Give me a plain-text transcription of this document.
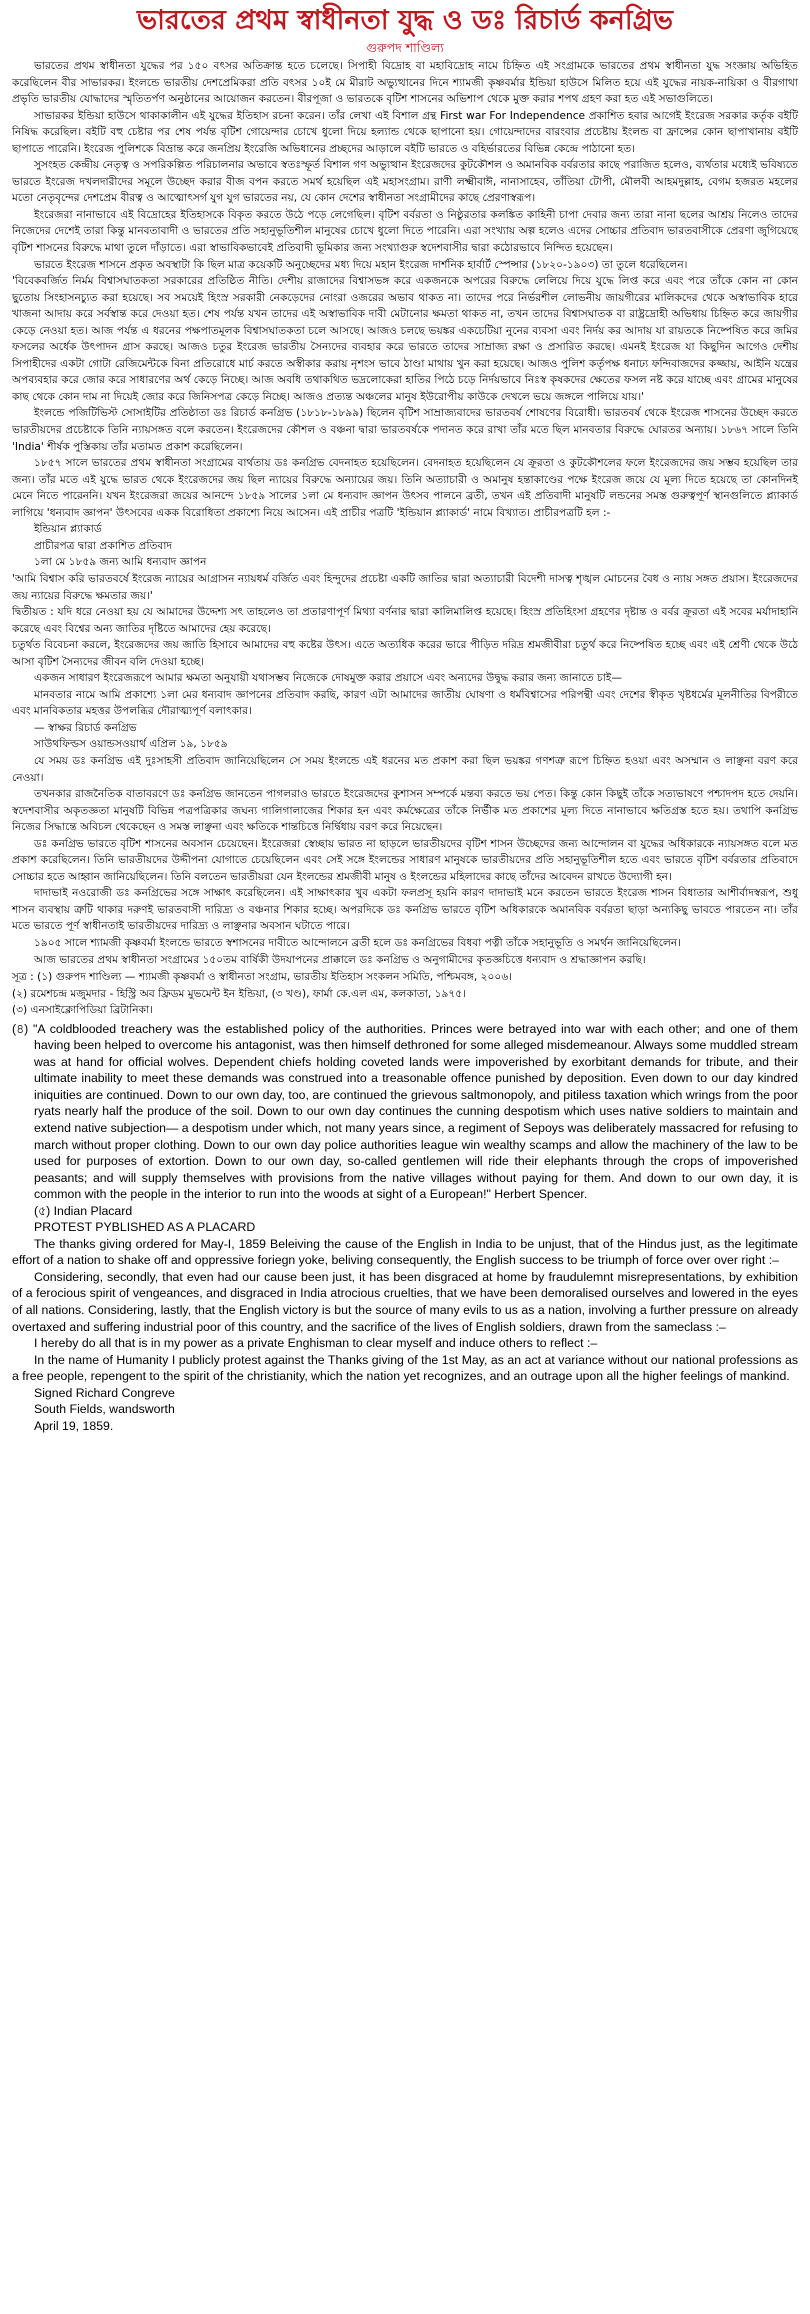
ভারতের প্রথম স্বাধীনতা যুদ্ধ ও ডঃ রিচার্ড কনগ্রিভ
গুরুপদ শাণ্ডিল্য

ভারতের প্রথম স্বাধীনতা যুদ্ধের পর ১৫০ বৎসর অতিক্রান্ত হতে চলেছে। সিপাহী বিদ্রোহ বা মহাবিদ্রোহ নামে চিহ্নিত এই সংগ্রামকে ভারতের প্রথম স্বাধীনতা যুদ্ধ সংজ্ঞায় অভিহিত করেছিলেন বীর সাভারকর। ইংলন্ডে ভারতীয় দেশপ্রেমিকরা প্রতি বৎসর ১০ই মে মীরাট অভ্যুত্থানের দিনে শ্যামজী কৃষ্ণবর্মার ইন্ডিয়া হাউসে মিলিত হয়ে এই যুদ্ধের নায়ক-নায়িকা ও বীরগাথা প্রভৃতি ভারতীয় যোদ্ধাদের স্মৃতিতর্পণ অনুষ্ঠানের আয়োজন করতেন। বীরপূজা ও ভারতকে বৃটিশ শাসনের অভিশাপ থেকে মুক্ত করার শপথ গ্রহণ করা হত এই সভাগুলিতে।

সাভারকর ইন্ডিয়া হাউসে থাকাকালীন এই যুদ্ধের ইতিহাস রচনা করেন। তাঁর লেখা এই বিশাল গ্রন্থ First war For Independence প্রকাশিত হবার আগেই ইংরেজ সরকার কর্তৃক বইটি নিষিদ্ধ করেছিল। বইটি বহু চেষ্টার পর শেষ পর্যন্ত বৃটিশ গোয়েন্দার চোখে ধুলো দিয়ে হল্যান্ড থেকে ছাপানো হয়। গোয়েন্দাদের বারংবার প্রচেষ্টায় ইংলন্ড বা ফ্রান্সের কোন ছাপাখানায় বইটি ছাপাতে পারেনি। ইংরেজ পুলিশকে বিভ্রান্ত করে জনপ্রিয় ইংরেজি অভিধানের প্রচ্ছদের আড়ালে বইটি ভারতে ও বহির্ভারতের বিভিন্ন কেন্দ্রে পাঠানো হত।

সুসংহত কেন্দ্রীয় নেতৃত্ব ও সপরিকল্পিত পরিচালনার অভাবে স্বতঃস্ফূর্ত বিশাল গণ অভ্যুত্থান ইংরেজদের কুটকৌশল ও অমানবিক বর্বরতার কাছে পরাজিত হলেও, ব্যর্থতার মধ্যেই ভবিষ্যতে ভারতে ইংরেজ দখলদারীদের সমূলে উচ্ছেদ করার বীজ বপন করতে সমর্থ হয়েছিল এই মহাসংগ্রাম। রাণী লক্ষ্মীবাঈ, নানাসাহেব, তাঁতিয়া টোপী, মৌলবী আহমদুল্লাহ, বেগম হজরত মহলের মতো নেতৃবৃন্দের দেশপ্রেম বীরত্ব ও আত্মোৎসর্গ যুগ যুগ ভারতের নয়, যে কোন দেশের স্বাধীনতা সংগ্রামীদের কাছে প্রেরণাস্বরূপ।

ইংরেজরা নানাভাবে এই বিদ্রোহের ইতিহাসকে বিকৃত করতে উঠে পড়ে লেগেছিল। বৃটিশ বর্বরতা ও নিষ্ঠুরতার কলঙ্কিত কাহিনী চাপা দেবার জন্য তারা নানা ছলের আশ্রয় নিলেও তাদের নিজেদের দেশেই তারা কিন্তু মানবতাবাদী ও ভারতের প্রতি সহানুভূতিশীল মানুষের চোখে ধুলো দিতে পারেনি। এরা সংখ্যায় অল্প হলেও এদের সোচ্চার প্রতিবাদ ভারতবাসীকে প্রেরণা জুগিয়েছে বৃটিশ শাসনের বিরুদ্ধে মাথা তুলে দাঁড়াতে। এরা স্বাভাবিকভাবেই প্রতিবাদী ভূমিকার জন্য সংখ্যাগুরু স্বদেশবাসীর দ্বারা কঠোরভাবে নিন্দিত হয়েছেন।

ভারতে ইংরেজ শাসনে প্রকৃত অবস্থাটা কি ছিল মাত্র কয়েকটি অনুচ্ছেদের মধ্য দিয়ে মহান ইংরেজ দার্শনিক হার্বার্ট স্পেন্সার (১৮২০-১৯০৩) তা তুলে ধরেছিলেন।

'বিবেকবর্জিত নির্মম বিশ্বাসঘাতকতা সরকারের প্রতিষ্ঠিত নীতি। দেশীয় রাজাদের বিশ্বাসভঙ্গ করে একজনকে অপরের বিরুদ্ধে লেলিয়ে দিয়ে যুদ্ধে লিপ্ত করে এবং পরে তাঁকে কোন না কোন ছুতোয় সিংহাসনচ্যুত করা হয়েছে। সব সময়েই হিংস্র সরকারী নেকড়েদের নোংরা ওজরের অভাব থাকত না। তাদের পরে নির্ভরশীল লোভনীয় জায়গীরের মালিকদের থেকে অস্বাভাবিক হারে খাজনা আদায় করে সর্বস্বান্ত করে দেওয়া হত। শেষ পর্যন্ত যখন তাদের এই অস্বাভাবিক দাবী মেটানোর ক্ষমতা থাকত না, তখন তাদের বিশ্বাসঘাতক বা রাষ্ট্রদ্রোহী অভিধায় চিহ্নিত করে জায়গীর কেড়ে নেওয়া হত। আজ পর্যন্ত এ ধরনের পক্ষপাতমূলক বিশ্বাসঘাতকতা চলে আসছে। আজও চলছে ভয়ঙ্কর একচেটিয়া নুনের ব্যবসা এবং নির্দয় কর আদায় যা রায়তকে নিষ্পেষিত করে জমির ফসলের অর্ধেক উৎপাদন গ্রাস করছে। আজও চতুর ইংরেজ ভারতীয় সৈন্যদের ব্যবহার করে ভারতে তাদের সাম্রাজ্য রক্ষা ও প্রসারিত করছে। এমনই ইংরেজ যা কিছুদিন আগেও দেশীয় সিপাহীদের একটা গোটা রেজিমেন্টকে বিনা প্রতিরোধে মার্চ করতে অস্বীকার করায় নৃশংস ভাবে ঠাণ্ডা মাথায় খুন করা হয়েছে। আজও পুলিশ কর্তৃপক্ষ ধনাঢ্য ফন্দিবাজদের কজ্জায়, আইনি যন্ত্রের অপব্যবহার করে জোর করে সাধারণের অর্থ কেড়ে নিচ্ছে। আজ অবধি তথাকথিত ভদ্রলোকেরা হাতির পিঠে চড়ে নির্দয়ভাবে নিঃস্ব কৃষকদের ক্ষেতের ফসল নষ্ট করে যাচ্ছে এবং গ্রামের মানুষের কাছ থেকে কোন দাম না দিয়েই জোর করে জিনিসপত্র কেড়ে নিচ্ছে। আজও প্রত্যন্ত অঞ্চলের মানুষ ইউরোপীয় কাউকে দেখলে ভয়ে জঙ্গলে পালিয়ে যায়।'

ইংলন্ডে পজিটিভিস্ট সোসাইটির প্রতিষ্ঠাতা ডঃ রিচার্ড কনগ্রিভ (১৮১৮-১৮৯৯) ছিলেন বৃটিশ সাম্রাজ্যবাদের ভারতবর্ষ শোষণের বিরোধী। ভারতবর্ষ থেকে ইংরেজ শাসনের উচ্ছেদ করতে ভারতীয়দের প্রচেষ্টাকে তিনি ন্যায়সঙ্গত বলে করতেন। ইংরেজদের কৌশল ও বঞ্চনা দ্বারা ভারতবর্ষকে পদানত করে রাখা তাঁর মতে ছিল মানবতার বিরুদ্ধে ঘোরতর অন্যায়। ১৮৬৭ সালে তিনি 'India' শীর্ষক পুস্তিকায় তাঁর মতামত প্রকাশ করেছিলেন।

১৮৫৭ সালে ভারতের প্রথম স্বাধীনতা সংগ্রামের বার্থতায় ডঃ কনগ্রিভ বেদনাহত হয়েছিলেন। বেদনাহত হয়েছিলেন যে ক্রূরতা ও কুটকৌশলের ফলে ইংরেজদের জয় সম্ভব হয়েছিল তার জন্য। তাঁর মতে এই যুদ্ধে ভারত থেকে ইংরেজদের জয় ছিল ন্যায়ের বিরুদ্ধে অন্যায়ের জয়। তিনি অত্যাচারী ও অমানুষ হন্তাকাণ্ডের পক্ষে ইংরেজ জয়ে যে মূল্য দিতে হয়েছে তা কোনদিনই মেনে নিতে পারেননি। যখন ইংরেজরা জয়ের আনন্দে ১৮৫৯ সালের ১লা মে ধন্যবাদ জ্ঞাপন উৎসব পালনে ব্রতী, তখন এই প্রতিবাদী মানুষটি লন্ডনের সমস্ত গুরুত্বপূর্ণ স্থানগুলিতে প্ল্যাকার্ড লাগিয়ে 'ধন্যবাদ জ্ঞাপন' উৎসবের একক বিরোধিতা প্রকাশ্যে নিয়ে আসেন। এই প্রাচীর পত্রটি 'ইন্ডিয়ান প্ল্যাকার্ড' নামে বিখ্যাত। প্রাচীরপত্রটি হল :-

ইন্ডিয়ান প্ল্যাকার্ড

প্রাচীরপত্র দ্বারা প্রকাশিত প্রতিবাদ

১লা মে ১৮৫৯ জন্য আমি ধন্যবাদ জ্ঞাপন

'আমি বিশ্বাস করি ভারতবর্ষে ইংরেজ ন্যায়ের আগ্রাসন ন্যায়ধর্ম বর্জিত এবং হিন্দুদের প্রচেষ্টা একটি জাতির দ্বারা অত্যাচারী বিদেশী দাসত্ব শৃঙ্খল মোচনের বৈধ ও ন্যায় সঙ্গত প্রয়াস। ইংরেজদের জয় ন্যায়ের বিরুদ্ধে ক্ষমতার জয়।'

দ্বিতীয়ত : যদি ধরে নেওয়া হয় যে আমাদের উদ্দেশ্য সৎ তাহলেও তা প্রতারণাপূর্ণ মিথ্যা বর্ণনার দ্বারা কালিমালিপ্ত হয়েছে। হিংস্র প্রতিহিংসা গ্রহণের দৃষ্টান্ত ও বর্বর ক্রূরতা এই সবের মর্যাদাহানি করেছে এবং বিশ্বের অন্য জাতির দৃষ্টিতে আমাদের হেয় করেছে।

চতুর্থত বিবেচনা করলে, ইংরেজদের জয় জাতি হিসাবে আমাদের বহু কষ্টের উৎস। এতে অত্যধিক করের ভারে পীড়িত দরিদ্র শ্রমজীবীরা চতুর্থ করে নিষ্পেষিত হচ্ছে এবং এই শ্রেণী থেকে উঠে আসা বৃটিশ সৈন্যদের জীবন বলি দেওয়া হচ্ছে।

একজন সাধারণ ইংরেজরূপে আমার ক্ষমতা অনুযায়ী যথাসম্ভব নিজেকে দোষমুক্ত করার প্রয়াসে এবং অন্যদের উদ্বুদ্ধ করার জন্য জানাতে চাই—

মানবতার নামে আমি প্রকাশ্যে ১লা মের ধন্যবাদ জ্ঞাপনের প্রতিবাদ করছি, কারণ এটা আমাদের জাতীয় ঘোষণা ও ধর্মবিশ্বাসের পরিপন্থী এবং দেশের স্বীকৃত খৃষ্টধর্মের মূলনীতির বিপরীতে এবং মানবিকতার মহত্তর উপলব্ধির দৌরাত্ম্যপূর্ণ বলাৎকার।

— স্বাক্ষর রিচার্ড কনগ্রিভ

সাউথফিল্ডস ওয়ান্ডসওয়ার্থ এপ্রিল ১৯, ১৮৫৯

যে সময় ডঃ কনগ্রিভ এই দুঃসাহসী প্রতিবাদ জানিয়েছিলেন সে সময় ইংলন্ডে এই ধরনের মত প্রকাশ করা ছিল ভয়ঙ্কর গণশত্রু রূপে চিহ্নিত হওয়া এবং অসম্মান ও লাঞ্ছনা বরণ করে নেওয়া।

তখনকার রাজনৈতিক বাতাবরণে ডঃ কনগ্রিভ জানতেন পাগলরাও ভারতে ইংরেজদের কুশাসন সম্পর্কে মন্তব্য করতে ভয় পেত। কিন্তু কোন কিছুই তাঁকে সত্যভাষণে পশ্চাদপদ হতে দেয়নি। স্বদেশবাসীর অকৃতজ্ঞতা মানুষটি বিভিন্ন পত্রপত্রিকার জঘন্য গালিগালাজের শিকার হন এবং কর্মক্ষেত্রের তাঁকে নির্ভীক মত প্রকাশের মূল্য দিতে নানাভাবে ক্ষতিগ্রস্ত হতে হয়। তথাপি কনগ্রিভ নিজের সিদ্ধান্তে অবিচল থেকেছেন ও সমস্ত লাঞ্ছনা এবং ক্ষতিকে শান্তচিত্তে নির্দ্বিধায় বরণ করে নিয়েছেন।

ডঃ কনগ্রিভ ভারতে বৃটিশ শাসনের অবসান চেয়েছেন। ইংরেজরা স্বেচ্ছায় ভারত না ছাড়লে ভারতীয়দের বৃটিশ শাসন উচ্ছেদের জন্য আন্দোলন বা যুদ্ধের অধিকারকে ন্যায়সঙ্গত বলে মত প্রকাশ করেছিলেন। তিনি ভারতীয়দের উদ্দীপনা যোগাতে চেয়েছিলেন এবং সেই সঙ্গে ইংলন্ডের সাধারণ মানুষকে ভারতীয়দের প্রতি সহানুভূতিশীল হতে এবং ভারতে বৃটিশ বর্বরতার প্রতিবাদে সোচ্চার হতে আহ্বান জানিয়েছিলেন। তিনি বলতেন ভারতীয়রা যেন ইংলন্ডের শ্রমজীবী মানুষ ও ইংলন্ডের মহিলাদের কাছে তাঁদের আবেদন রাখতে উদ্যোগী হন।

দাদাভাই নওরোজী ডঃ কনগ্রিভের সঙ্গে সাক্ষাৎ করেছিলেন। এই সাক্ষাৎকার খুব একটা ফলপ্রসূ হয়নি কারণ দাদাভাই মনে করতেন ভারতে ইংরেজ শাসন বিধাতার আশীর্বাদস্বরূপ, শুধু শাসন ব্যবস্থায় ত্রুটি থাকার দরুণই ভারতবাসী দারিদ্র্য ও বঞ্চনার শিকার হচ্ছে। অপরদিকে ডঃ কনগ্রিভ ভারতে বৃটিশ অধিকারকে অমানবিক বর্বরতা ছাড়া অন্যকিছু ভাবতে পারতেন না। তাঁর মতে ভারতে পূর্ণ স্বাধীনতাই ভারতীয়দের দারিদ্র্য ও লাঞ্ছনার অবসান ঘটাতে পারে।

১৯০৫ সালে শ্যামজী কৃষ্ণবর্মা ইংলন্ডে ভারতে স্বশাসনের দাবীতে আন্দোলনে ব্রতী হলে ডঃ কনগ্রিভের বিধবা পত্নী তাঁকে সহানুভূতি ও সমর্থন জানিয়েছিলেন।

আজ ভারতের প্রথম স্বাধীনতা সংগ্রামের ১৫০তম বার্ষিকী উদযাপনের প্রাক্কালে ডঃ কনগ্রিভ ও অনুগামীদের কৃতজ্ঞচিত্তে ধন্যবাদ ও শ্রদ্ধাজ্ঞাপন করছি।

সূত্র : (১) গুরুপদ শাণ্ডিল্য — শ্যামজী কৃষ্ণবর্মা ও স্বাধীনতা সংগ্রাম, ভারতীয় ইতিহাস সংকলন সমিতি, পশ্চিমবঙ্গ, ২০০৬।

(২) রমেশচন্দ্র মজুমদার - হিস্ট্রি অব ফ্রিডম মুভমেন্ট ইন ইন্ডিয়া, (৩ খণ্ড), ফার্মা কে.এল এম, কলকাতা, ১৯৭৫।

(৩) এনসাইক্লোপিডিয়া ব্রিটানিকা।

(৪) "A coldblooded treachery was the established policy of the authorities. Princes were betrayed into war with each other; and one of them having been helped to overcome his antagonist, was then himself dethroned for some alleged misdemeanour. Always some muddled stream was at hand for official wolves. Dependent chiefs holding coveted lands were impoverished by exorbitant demands for tribute, and their ultimate inability to meet these demands was construed into a treasonable offence punished by deposition. Even down to our day kindred iniquities are continued. Down to our own day, too, are continued the grievous saltmonopoly, and pitiless taxation which wrings from the poor ryats nearly half the produce of the soil. Down to our own day continues the cunning despotism which uses native soldiers to maintain and extend native subjection— a despotism under which, not many years since, a regiment of Sepoys was deliberately massacred for refusing to march without proper clothing. Down to our own day police authorities league win wealthy scamps and allow the machinery of the law to be used for purposes of extortion. Down to our own day, so-called gentlemen will ride their elephants through the crops of impoverished peasants; and will supply themselves with provisions from the native villages without paying for them. And down to our own day, it is common with the people in the interior to run into the woods at sight of a European!" Herbert Spencer.

(৫) Indian Placard

PROTEST PYBLISHED AS A PLACARD

The thanks giving ordered for May-I, 1859 Beleiving the cause of the English in India to be unjust, that of the Hindus just, as the legitimate effort of a nation to shake off and oppressive foriegn yoke, beliving consequently, the English success to be triumph of force over over right :–

Considering, secondly, that even had our cause been just, it has been disgraced at home by fraudulemnt misrepresentations, by exhibition of a ferocious spirit of vengeances, and disgraced in India atrocious cruelties, that we have been demoralised ourselves and lowered in the eyes of all nations. Considering, lastly, that the English victory is but the source of many evils to us as a nation, involving a further pressure on already overtaxed and suffering industrial poor of this country, and the sacrifice of the lives of English soldiers, drawn from the sameclass :–

I hereby do all that is in my power as a private Enghisman to clear myself and induce others to reflect :–

In the name of Humanity I publicly protest against the Thanks giving of the 1st May, as an act at variance without our national professions as a free people, repengent to the spirit of the christianity, which the nation yet recognizes, and an outrage upon all the higher feelings of mankind.

Signed Richard Congreve

South Fields, wandsworth

April 19, 1859.
